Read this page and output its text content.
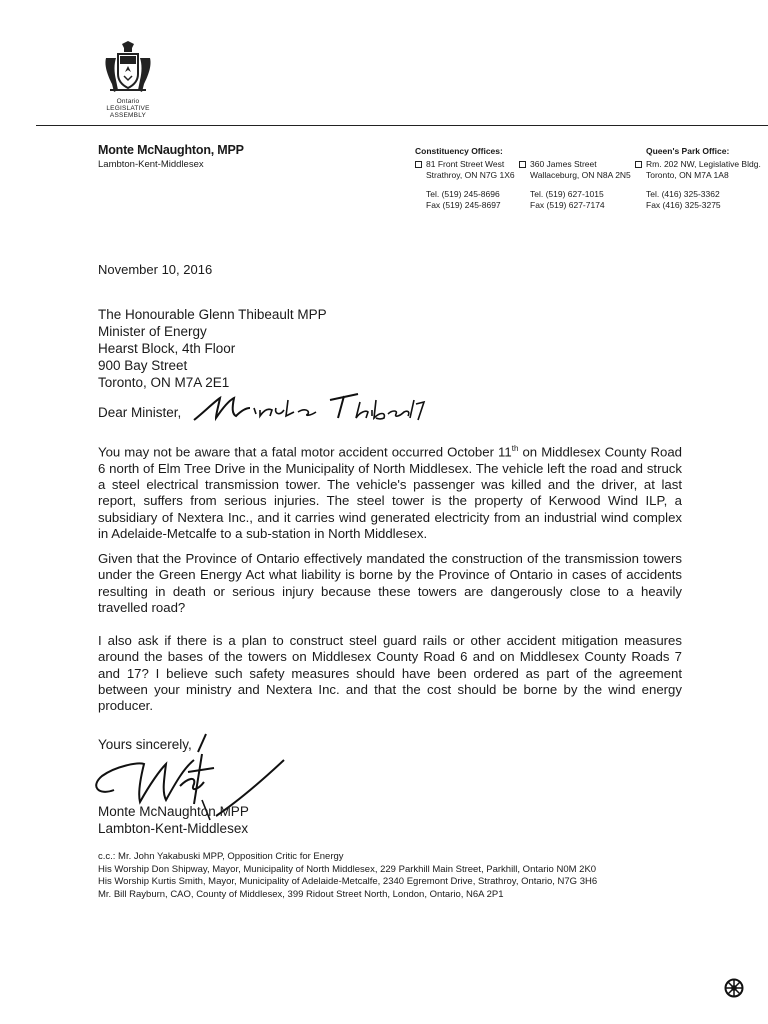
Ontario
LEGISLATIVE
ASSEMBLY
Monte McNaughton, MPP
Lambton-Kent-Middlesex
Constituency Offices:
81 Front Street West
Strathroy, ON N7G 1X6
Tel. (519) 245-8696
Fax (519) 245-8697
360 James Street
Wallaceburg, ON N8A 2N5
Tel. (519) 627-1015
Fax (519) 627-7174
Queen's Park Office:
Rm. 202 NW, Legislative Bldg.
Toronto, ON M7A 1A8
Tel. (416) 325-3362
Fax (416) 325-3275
November 10, 2016
The Honourable Glenn Thibeault MPP
Minister of Energy
Hearst Block, 4th Floor
900 Bay Street
Toronto, ON M7A 2E1
Dear Minister,
You may not be aware that a fatal motor accident occurred October 11th on Middlesex County Road 6 north of Elm Tree Drive in the Municipality of North Middlesex. The vehicle left the road and struck a steel electrical transmission tower. The vehicle's passenger was killed and the driver, at last report, suffers from serious injuries. The steel tower is the property of Kerwood Wind ILP, a subsidiary of Nextera Inc., and it carries wind generated electricity from an industrial wind complex in Adelaide-Metcalfe to a sub-station in North Middlesex.
Given that the Province of Ontario effectively mandated the construction of the transmission towers under the Green Energy Act what liability is borne by the Province of Ontario in cases of accidents resulting in death or serious injury because these towers are dangerously close to a heavily travelled road?
I also ask if there is a plan to construct steel guard rails or other accident mitigation measures around the bases of the towers on Middlesex County Road 6 and on Middlesex County Roads 7 and 17? I believe such safety measures should have been ordered as part of the agreement between your ministry and Nextera Inc. and that the cost should be borne by the wind energy producer.
Yours sincerely,
Monte McNaughton MPP
Lambton-Kent-Middlesex
c.c.: Mr. John Yakabuski MPP, Opposition Critic for Energy
His Worship Don Shipway, Mayor, Municipality of North Middlesex, 229 Parkhill Main Street, Parkhill, Ontario N0M 2K0
His Worship Kurtis Smith, Mayor, Municipality of Adelaide-Metcalfe, 2340 Egremont Drive, Strathroy, Ontario, N7G 3H6
Mr. Bill Rayburn, CAO, County of Middlesex, 399 Ridout Street North, London, Ontario, N6A 2P1
